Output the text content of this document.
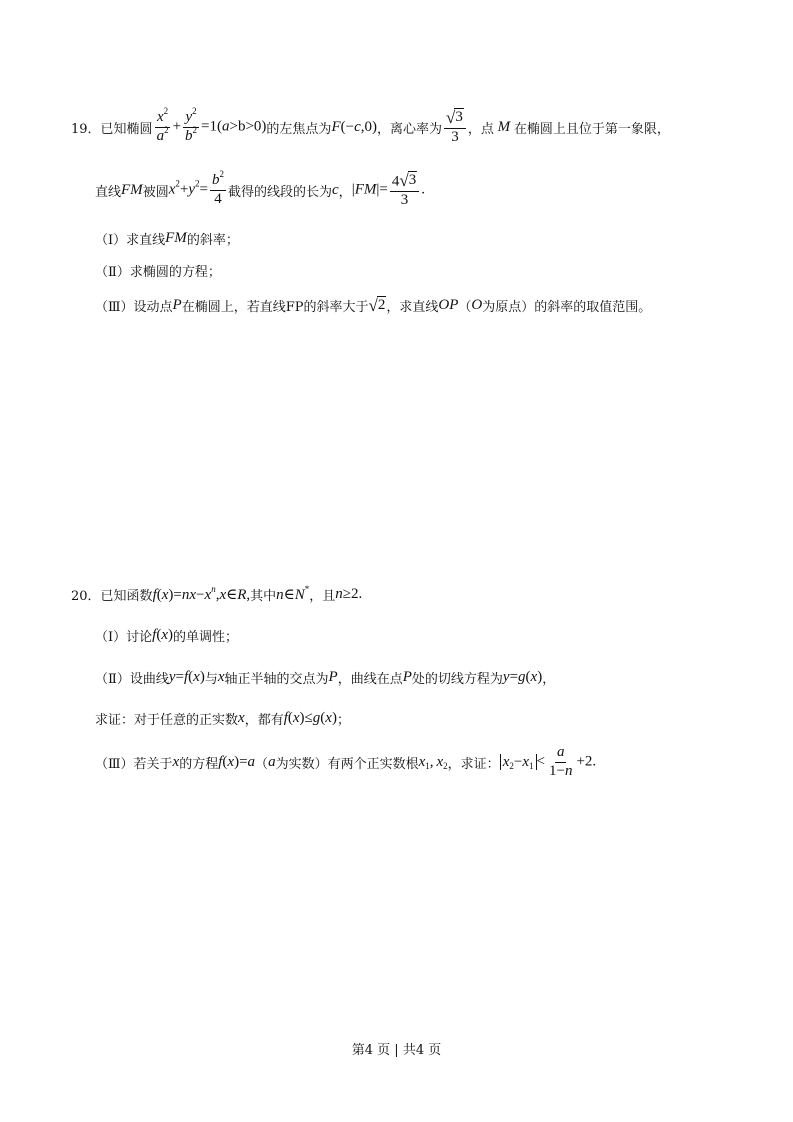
19． 已知椭圆 $\frac{x^2}{a^2} + \frac{y^2}{b^2} =1(a>b>0)$ 的左焦点为 F(−c,0) ，离心率为 $\frac{√ 3}{3}$ ，点 M 在椭圆上且位于第一象限，
直线 FM 被圆 $x^2+y^2= \frac{b^2}{4}$ 截得的线段的长为 c ， $|FM|= \frac{4 √ 3}{3}$ .
（Ⅰ）求直线 FM 的斜率；
（Ⅱ）求椭圆的方程；
（Ⅲ）设动点 P 在椭圆上，若直线FP的斜率大于 √ 2 ，求直线 OP （ O 为原点）的斜率的取值范围。
20． 已知函数 $f(x)=nx-x^n,x\in R$, 其中 n∈N* ，且 n≥2.
（Ⅰ）讨论 f(x) 的单调性；
（Ⅱ）设曲线 y=f(x) 与 x 轴正半轴的交点为 P ，曲线在点 P 处的切线方程为 y=g(x) ，
求证：对于任意的正实数 x ，都有 f(x)≤g(x) ；
（Ⅲ）若关于 x 的方程 f(x)=a （ a 为实数）有两个正实数根 $x_1$, $x_2$ ，求证： $x_2-x_1 < \frac{a}{1-n} +2$.
第4 页 | 共4 页
